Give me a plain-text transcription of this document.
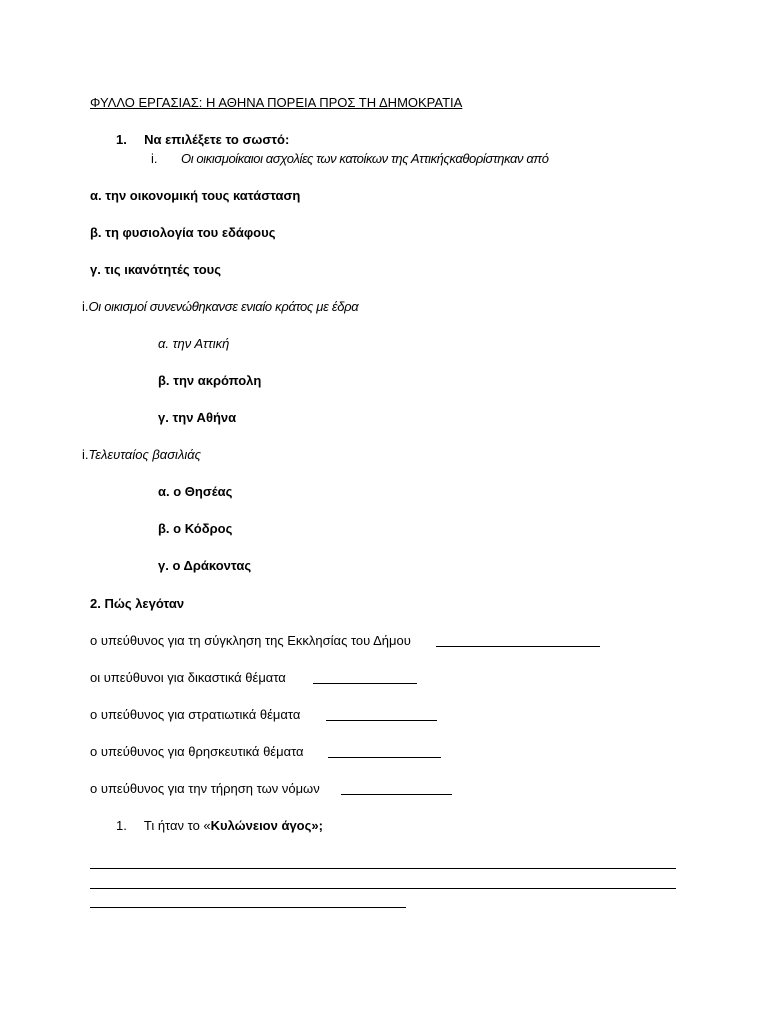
ΦΥΛΛΟ ΕΡΓΑΣΙΑΣ: Η ΑΘΗΝΑ ΠΟΡΕΙΑ ΠΡΟΣ ΤΗ ΔΗΜΟΚΡΑΤΙΑ
1. Να επιλέξετε το σωστό:
i. Οι οικισμοίκαιοι ασχολίες των κατοίκων της Αττικήςκαθορίστηκαν από
α. την οικονομική τους κατάσταση
β. τη φυσιολογία του εδάφους
γ. τις ικανότητές τους
i.Οι οικισμοί συνενώθηκανσε ενιαίο κράτος με έδρα
α. την Αττική
β. την ακρόπολη
γ. την Αθήνα
i.Τελευταίος βασιλιάς
α. ο Θησέας
β. ο Κόδρος
γ. ο Δράκοντας
2. Πώς λεγόταν
ο υπεύθυνος για τη σύγκληση της Εκκλησίας του Δήμου
οι υπεύθυνοι για δικαστικά θέματα
ο υπεύθυνος για στρατιωτικά θέματα
ο υπεύθυνος για θρησκευτικά θέματα
ο υπεύθυνος για την τήρηση των νόμων
1. Τι ήταν το «Κυλώνειον άγος»;
